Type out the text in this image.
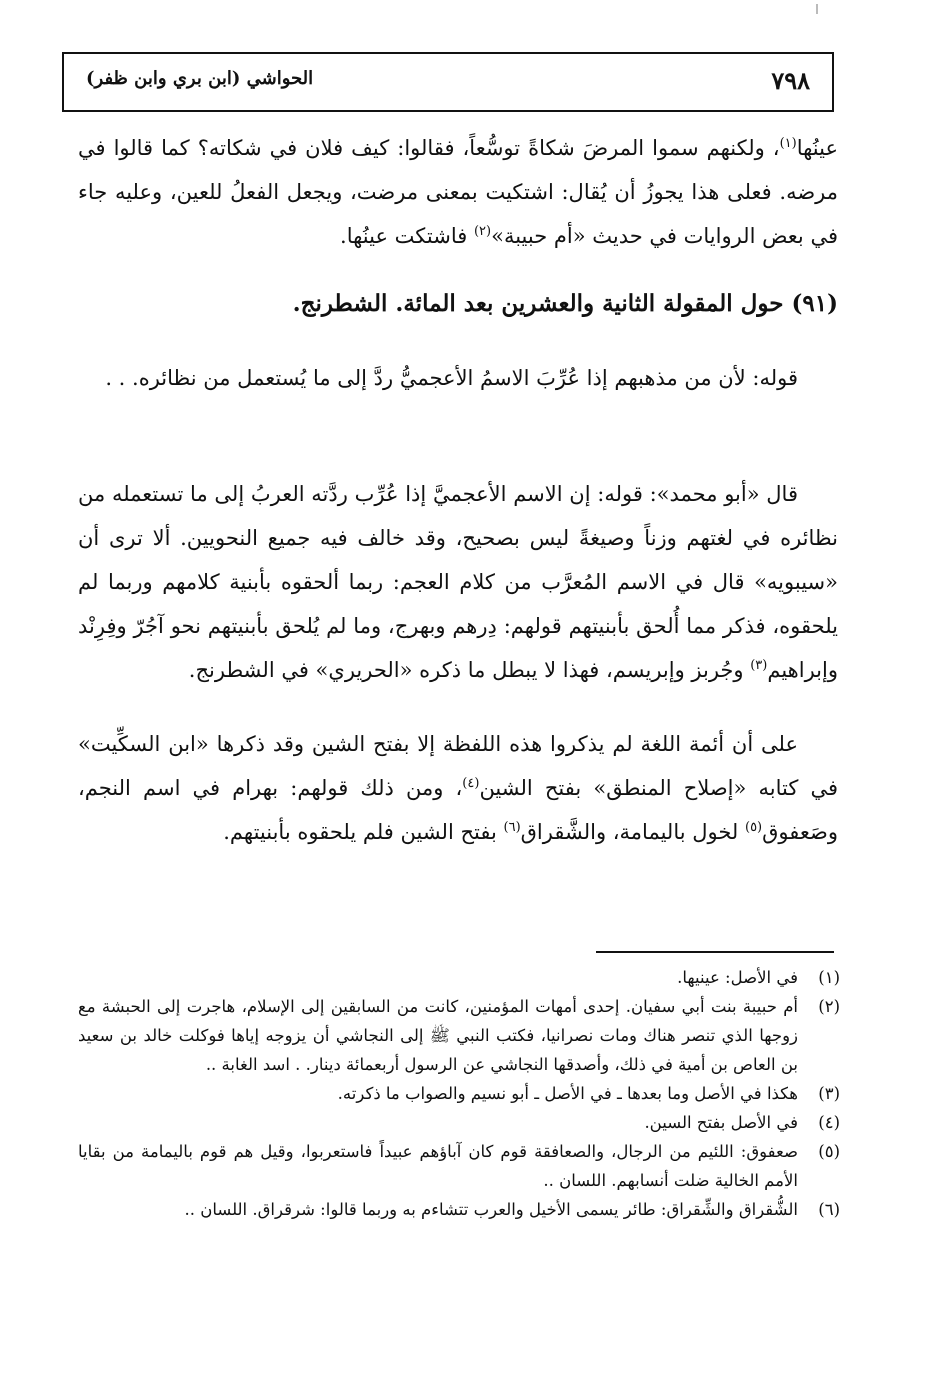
٧٩٨
الحواشي (ابن بري وابن ظفر)
عينُها$^{(١)}$، ولكنهم سموا المرضَ شكاةً توسُّعاً، فقالوا: كيف فلان في شكاته؟ كما قالوا في مرضه. فعلى هذا يجوزُ أن يُقال: اشتكيت بمعنى مرضت، ويجعل الفعلُ للعين، وعليه جاء في بعض الروايات في حديث «أم حبيبة»$^{(٢)}$ فاشتكت عينُها.
(٩١) حول المقولة الثانية والعشرين بعد المائة. الشطرنج.
قوله: لأن من مذهبهم إذا عُرِّبَ الاسمُ الأعجميُّ ردَّ إلى ما يُستعمل من نظائره. . .
قال «أبو محمد»: قوله: إن الاسم الأعجميَّ إذا عُرِّب ردَّته العربُ إلى ما تستعمله من نظائره في لغتهم وزناً وصيغةً ليس بصحيح، وقد خالف فيه جميع النحويين. ألا ترى أن «سيبويه» قال في الاسم المُعرَّب من كلام العجم: ربما ألحقوه بأبنية كلامهم وربما لم يلحقوه، فذكر مما أُلحق بأبنيتهم قولهم: دِرهم وبهرج، وما لم يُلحق بأبنيتهم نحو آجُرّ وفِرِنْد وإبراهيم$^{(٣)}$ وجُربز وإبريسم، فهذا لا يبطل ما ذكره «الحريري» في الشطرنج.
على أن أئمة اللغة لم يذكروا هذه اللفظة إلا بفتح الشين وقد ذكرها «ابن السكِّيت» في كتابه «إصلاح المنطق» بفتح الشين$^{(٤)}$، ومن ذلك قولهم: بهرام في اسم النجم، وصَعفوق$^{(٥)}$ لخول باليمامة، والشَّقراق$^{(٦)}$ بفتح الشين فلم يلحقوه بأبنيتهم.
(١)
في الأصل: عينيها.
(٢)
أم حبيبة بنت أبي سفيان. إحدى أمهات المؤمنين، كانت من السابقين إلى الإسلام، هاجرت إلى الحبشة مع زوجها الذي تنصر هناك ومات نصرانيا، فكتب النبي ﷺ إلى النجاشي أن يزوجه إياها فوكلت خالد بن سعيد بن العاص بن أمية في ذلك، وأصدقها النجاشي عن الرسول أربعمائة دينار. . اسد الغابة ..
(٣)
هكذا في الأصل وما بعدها ـ في الأصل ـ أبو نسيم والصواب ما ذكرته.
(٤)
في الأصل بفتح السين.
(٥)
صعفوق: اللئيم من الرجال، والصعافقة قوم كان آباؤهم عبيداً فاستعربوا، وقيل هم قوم باليمامة من بقايا الأمم الخالية ضلت أنسابهم. اللسان ..
(٦)
الشُّقراق والشِّقراق: طائر يسمى الأخيل والعرب تتشاءم به وربما قالوا: شرقراق. اللسان ..
